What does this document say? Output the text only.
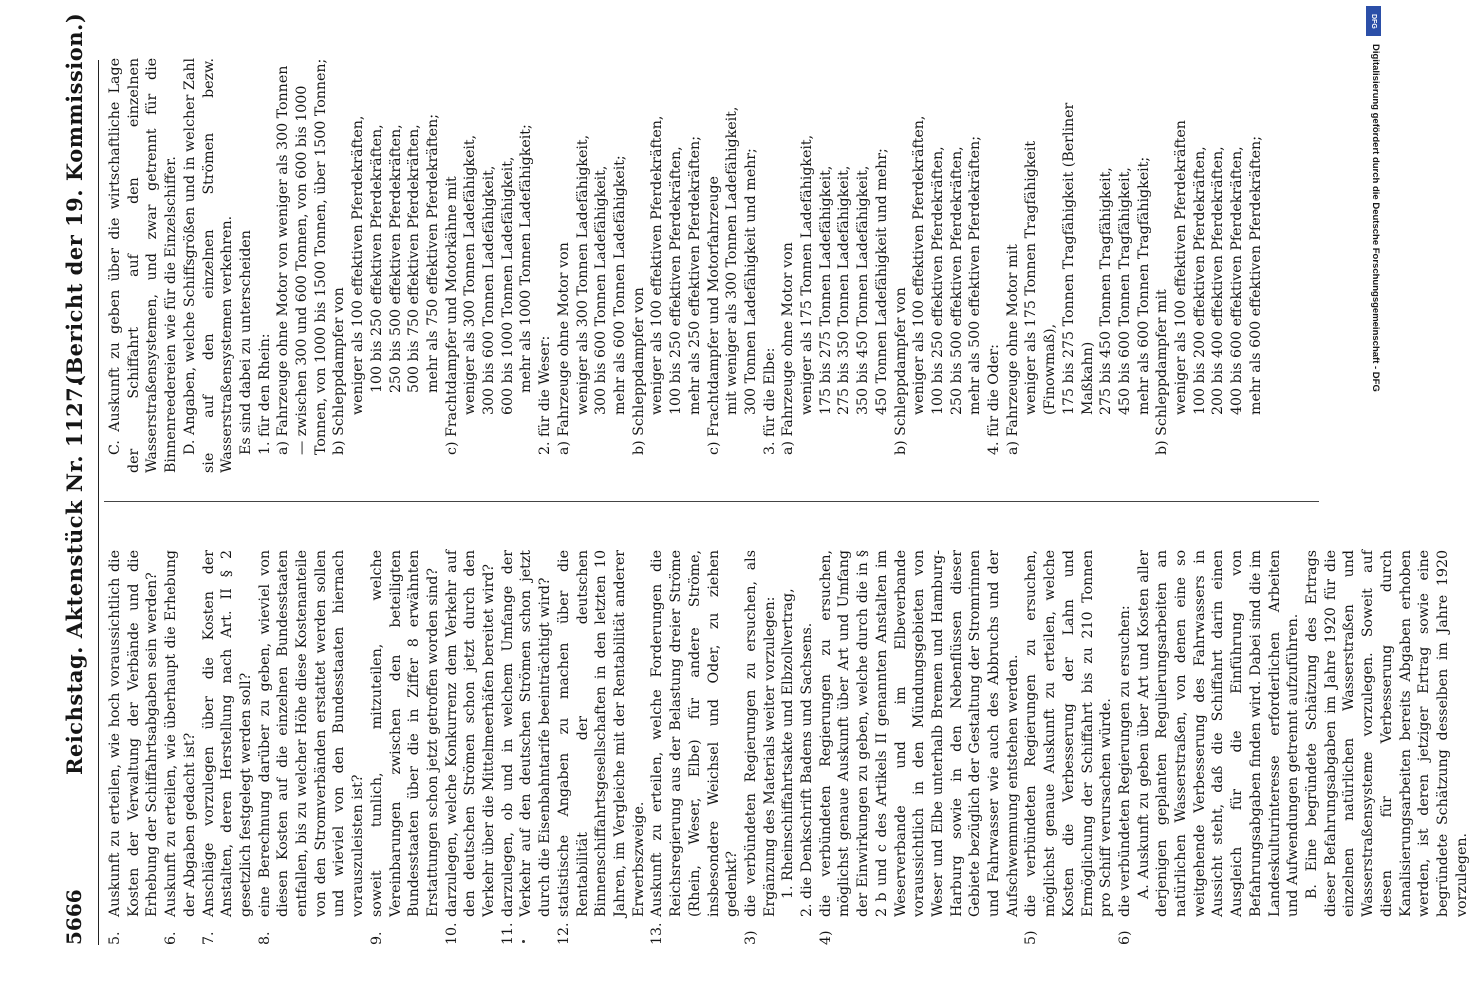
5666
Reichstag. Aktenstück Nr. 1127.
(Bericht der 19. Kommission.)
5.
Auskunft zu erteilen, wie hoch voraussichtlich die Kosten der Verwaltung der Verbände und die Erhebung der Schiffahrtsabgaben sein werden?
6.
Auskunft zu erteilen, wie überhaupt die Erhebung der Abgaben gedacht ist?
7.
Anschläge vorzulegen über die Kosten der Anstalten, deren Herstellung nach Art. II § 2 gesetzlich festgelegt werden soll?
8.
eine Berechnung darüber zu geben, wieviel von diesen Kosten auf die einzelnen Bundesstaaten entfallen, bis zu welcher Höhe diese Kostenanteile von den Stromverbänden erstattet werden sollen und wieviel von den Bundesstaaten hiernach vorauszuleisten ist?
9.
soweit tunlich, mitzuteilen, welche Vereinbarungen zwischen den beteiligten Bundesstaaten über die in Ziffer 8 erwähnten Erstattungen schon jetzt getroffen worden sind?
10.
darzulegen, welche Konkurrenz dem Verkehr auf den deutschen Strömen schon jetzt durch den Verkehr über die Mittelmeerhäfen bereitet wird?
11.
darzulegen, ob und in welchem Umfange der Verkehr auf den deutschen Strömen schon jetzt durch die Eisenbahntarife beeinträchtigt wird?
12.
statistische Angaben zu machen über die Rentabilität der deutschen Binnenschiffahrtsgesellschaften in den letzten 10 Jahren, im Vergleiche mit der Rentabilität anderer Erwerbszweige.
13.
Auskunft zu erteilen, welche Forderungen die Reichsregierung aus der Belastung dreier Ströme (Rhein, Weser, Elbe) für andere Ströme, insbesondere Weichsel und Oder, zu ziehen gedenkt?
3)
die verbündeten Regierungen zu ersuchen, als Ergänzung des Materials weiter vorzulegen: 1. Rheinschiffahrtsakte und Elbzollvertrag, 2. die Denkschrift Badens und Sachsens.
4)
die verbündeten Regierungen zu ersuchen, möglichst genaue Auskunft über Art und Umfang der Einwirkungen zu geben, welche durch die in § 2 b und c des Artikels II genannten Anstalten im Weserverbande und im Elbeverbande voraussichtlich in den Mündungsgebieten von Weser und Elbe unterhalb Bremen und Hamburg-Harburg sowie in den Nebenflüssen dieser Gebiete bezüglich der Gestaltung der Stromrinnen und Fahrwasser wie auch des Abbruchs und der Aufschwemmung entstehen werden.
5)
die verbündeten Regierungen zu ersuchen, möglichst genaue Auskunft zu erteilen, welche Kosten die Verbesserung der Lahn und Ermöglichung der Schiffahrt bis zu 210 Tonnen pro Schiff verursachen würde.
6)
die verbündeten Regierungen zu ersuchen: A. Auskunft zu geben über Art und Kosten aller derjenigen geplanten Regulierungsarbeiten an natürlichen Wasserstraßen, von denen eine so weitgehende Verbesserung des Fahrwassers in Aussicht steht, daß die Schiffahrt darin einen Ausgleich für die Einführung von Befahrungsabgaben finden wird. Dabei sind die im Landeskulturinteresse erforderlichen Arbeiten und Aufwendungen getrennt aufzuführen. B. Eine begründete Schätzung des Ertrags dieser Befahrungsabgaben im Jahre 1920 für die einzelnen natürlichen Wasserstraßen und Wasserstraßensysteme vorzulegen. Soweit auf diesen für Verbesserung durch Kanalisierungsarbeiten bereits Abgaben erhoben werden, ist deren jetziger Ertrag sowie eine begründete Schätzung desselben im Jahre 1920 vorzulegen.

C. Auskunft zu geben über die wirtschaftliche Lage der Schiffahrt auf den einzelnen Wasserstraßensystemen, und zwar getrennt für die Binnenreedereien wie für die Einzelschiffer. D. Angaben, welche Schiffsgrößen und in welcher Zahl sie auf den einzelnen Strömen bezw. Wasserstraßensystemen verkehren. Es sind dabei zu unterscheiden 1. für den Rhein: a) Fahrzeuge ohne Motor von weniger als 300 Tonnen — zwischen 300 und 600 Tonnen, von 600 bis 1000 Tonnen, von 1000 bis 1500 Tonnen, über 1500 Tonnen; b) Schleppdampfer von weniger als 100 effektiven Pferdekräften, 100 bis 250 effektiven Pferdekräften, 250 bis 500 effektiven Pferdekräften, 500 bis 750 effektiven Pferdekräften, mehr als 750 effektiven Pferdekräften; c) Frachtdampfer und Motorkähne mit weniger als 300 Tonnen Ladefähigkeit, 300 bis 600 Tonnen Ladefähigkeit, 600 bis 1000 Tonnen Ladefähigkeit, mehr als 1000 Tonnen Ladefähigkeit;

2. für die Weser: a) Fahrzeuge ohne Motor von weniger als 300 Tonnen Ladefähigkeit, 300 bis 600 Tonnen Ladefähigkeit, mehr als 600 Tonnen Ladefähigkeit; b) Schleppdampfer von weniger als 100 effektiven Pferdekräften, 100 bis 250 effektiven Pferdekräften, mehr als 250 effektiven Pferdekräften; c) Frachtdampfer und Motorfahrzeuge mit weniger als 300 Tonnen Ladefähigkeit, 300 Tonnen Ladefähigkeit und mehr; 3. für die Elbe: a) Fahrzeuge ohne Motor von weniger als 175 Tonnen Ladefähigkeit, 175 bis 275 Tonnen Ladefähigkeit, 275 bis 350 Tonnen Ladefähigkeit, 350 bis 450 Tonnen Ladefähigkeit, 450 Tonnen Ladefähigkeit und mehr; b) Schleppdampfer von weniger als 100 effektiven Pferdekräften, 100 bis 250 effektiven Pferdekräften, 250 bis 500 effektiven Pferdekräften, mehr als 500 effektiven Pferdekräften; 4. für die Oder: a) Fahrzeuge ohne Motor mit weniger als 175 Tonnen Tragfähigkeit (Finowmaß), 175 bis 275 Tonnen Tragfähigkeit (Berliner Maßkahn) 275 bis 450 Tonnen Tragfähigkeit, 450 bis 600 Tonnen Tragfähigkeit, mehr als 600 Tonnen Tragfähigkeit; b) Schleppdampfer mit weniger als 100 effektiven Pferdekräften 100 bis 200 effektiven Pferdekräften, 200 bis 400 effektiven Pferdekräften, 400 bis 600 effektiven Pferdekräften, mehr als 600 effektiven Pferdekräften;

DFG
Digitalisierung gefördert durch die Deutsche Forschungsgemeinschaft - DFG
